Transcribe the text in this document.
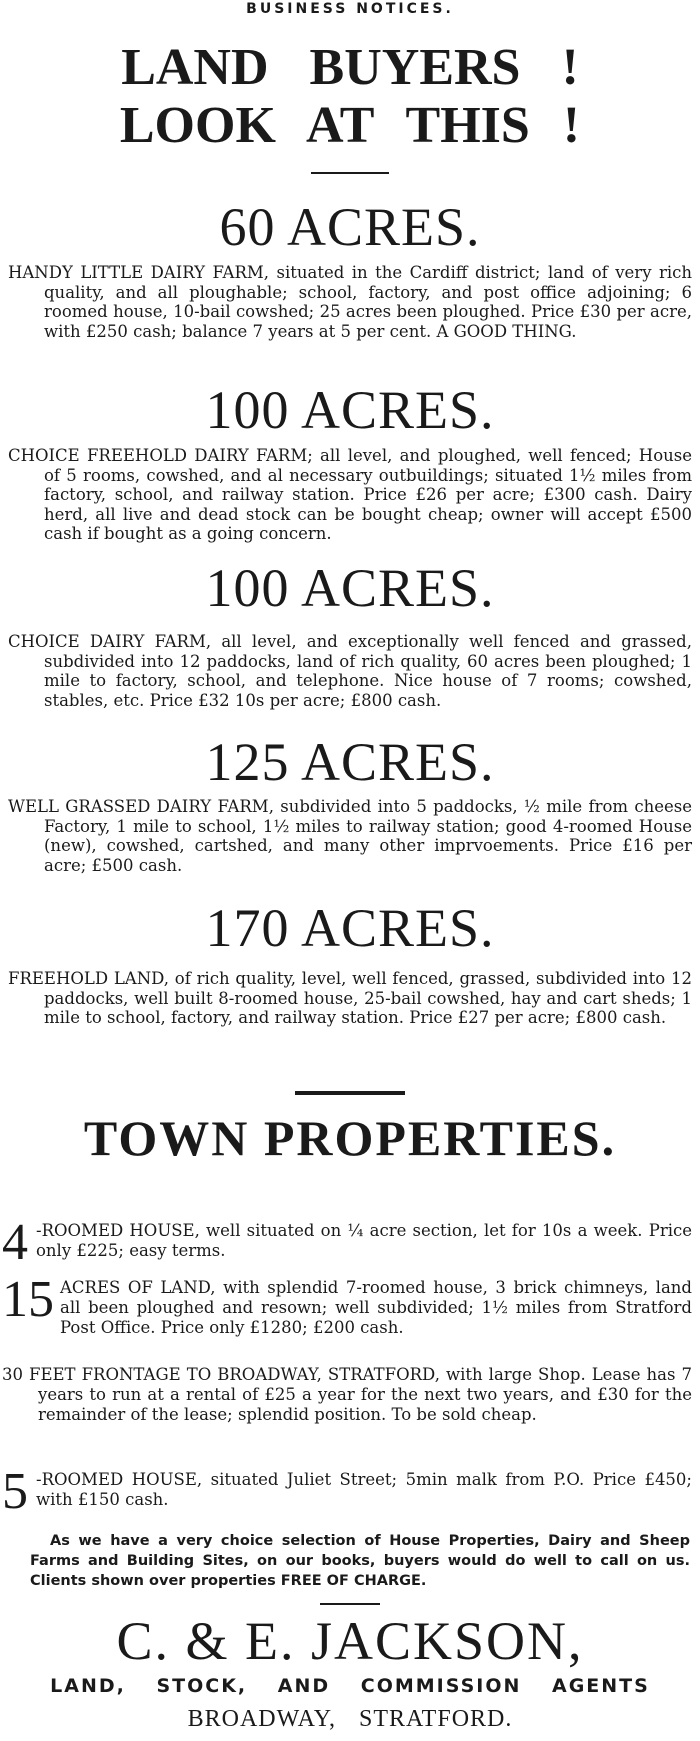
BUSINESS NOTICES.
LAND BUYERS !
LOOK AT THIS !
60 ACRES.
HANDY LITTLE DAIRY FARM, situated in the Cardiff district; land of very rich quality, and all ploughable; school, factory, and post office adjoining; 6 roomed house, 10-bail cowshed; 25 acres been ploughed. Price £30 per acre, with £250 cash; balance 7 years at 5 per cent. A GOOD THING.
100 ACRES.
CHOICE FREEHOLD DAIRY FARM; all level, and ploughed, well fenced; House of 5 rooms, cowshed, and al necessary outbuildings; situated 1½ miles from factory, school, and railway station. Price £26 per acre; £300 cash. Dairy herd, all live and dead stock can be bought cheap; owner will accept £500 cash if bought as a going concern.
100 ACRES.
CHOICE DAIRY FARM, all level, and exceptionally well fenced and grassed, subdivided into 12 paddocks, land of rich quality, 60 acres been ploughed; 1 mile to factory, school, and telephone. Nice house of 7 rooms; cowshed, stables, etc. Price £32 10s per acre; £800 cash.
125 ACRES.
WELL GRASSED DAIRY FARM, subdivided into 5 paddocks, ½ mile from cheese Factory, 1 mile to school, 1½ miles to railway station; good 4-roomed House (new), cowshed, cartshed, and many other imprvoements. Price £16 per acre; £500 cash.
170 ACRES.
FREEHOLD LAND, of rich quality, level, well fenced, grassed, subdivided into 12 paddocks, well built 8-roomed house, 25-bail cowshed, hay and cart sheds; 1 mile to school, factory, and railway station. Price £27 per acre; £800 cash.
TOWN PROPERTIES.
4 -ROOMED HOUSE, well situated on ¼ acre section, let for 10s a week. Price only £225; easy terms.
15 ACRES OF LAND, with splendid 7-roomed house, 3 brick chimneys, land all been ploughed and resown; well subdivided; 1½ miles from Stratford Post Office. Price only £1280; £200 cash.
30 FEET FRONTAGE TO BROADWAY, STRATFORD, with large Shop. Lease has 7 years to run at a rental of £25 a year for the next two years, and £30 for the remainder of the lease; splendid position. To be sold cheap.
5 -ROOMED HOUSE, situated Juliet Street; 5min malk from P.O. Price £450; with £150 cash.
As we have a very choice selection of House Properties, Dairy and Sheep Farms and Building Sites, on our books, buyers would do well to call on us. Clients shown over properties FREE OF CHARGE.
C. & E. JACKSON,
LAND, STOCK, AND COMMISSION AGENTS
BROADWAY, STRATFORD.
